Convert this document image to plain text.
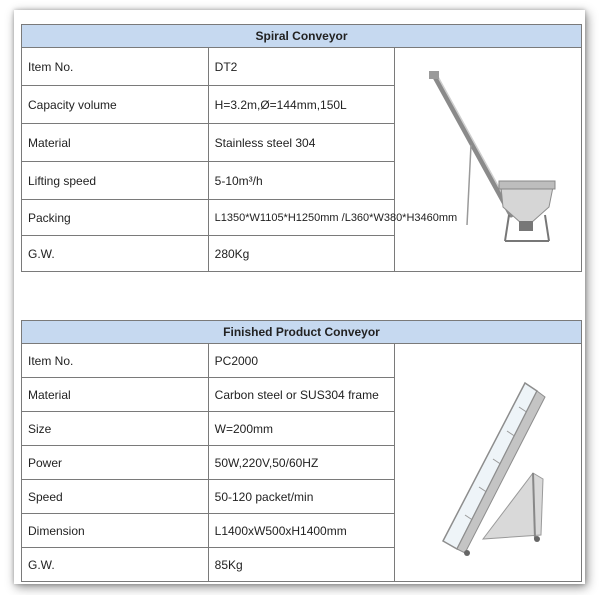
Spiral Conveyor		
Item No.	DT2	

Capacity volume	H=3.2m,Ø=144mm,150L	
Material	Stainless steel 304	
Lifting speed	5-10m³/h	
Packing	L1350*W1105*H1250mm /L360*W380*H3460mm	
G.W.	280Kg	
Finished Product Conveyor		
Item No.	PC2000	

Material	Carbon steel or SUS304 frame	
Size	W=200mm	
Power	50W,220V,50/60HZ	
Speed	50-120 packet/min	
Dimension	L1400xW500xH1400mm	
G.W.	85Kg	
